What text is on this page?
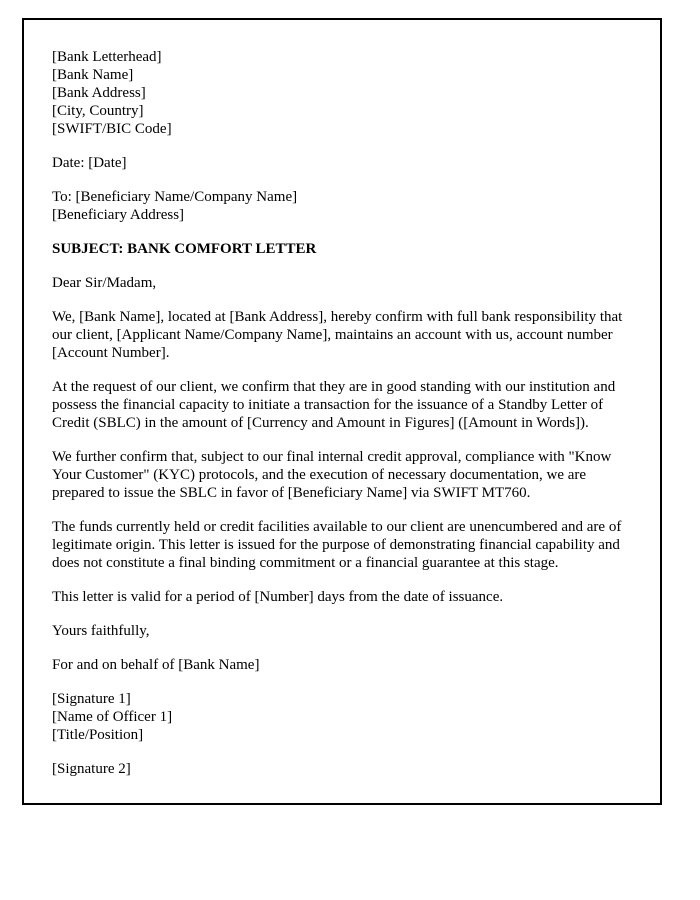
[Bank Letterhead]
[Bank Name]
[Bank Address]
[City, Country]
[SWIFT/BIC Code]
Date: [Date]
To: [Beneficiary Name/Company Name]
[Beneficiary Address]
SUBJECT: BANK COMFORT LETTER
Dear Sir/Madam,
We, [Bank Name], located at [Bank Address], hereby confirm with full bank responsibility that our client, [Applicant Name/Company Name], maintains an account with us, account number [Account Number].
At the request of our client, we confirm that they are in good standing with our institution and possess the financial capacity to initiate a transaction for the issuance of a Standby Letter of Credit (SBLC) in the amount of [Currency and Amount in Figures] ([Amount in Words]).
We further confirm that, subject to our final internal credit approval, compliance with "Know Your Customer" (KYC) protocols, and the execution of necessary documentation, we are prepared to issue the SBLC in favor of [Beneficiary Name] via SWIFT MT760.
The funds currently held or credit facilities available to our client are unencumbered and are of legitimate origin. This letter is issued for the purpose of demonstrating financial capability and does not constitute a final binding commitment or a financial guarantee at this stage.
This letter is valid for a period of [Number] days from the date of issuance.
Yours faithfully,
For and on behalf of [Bank Name]
[Signature 1]
[Name of Officer 1]
[Title/Position]
[Signature 2]
